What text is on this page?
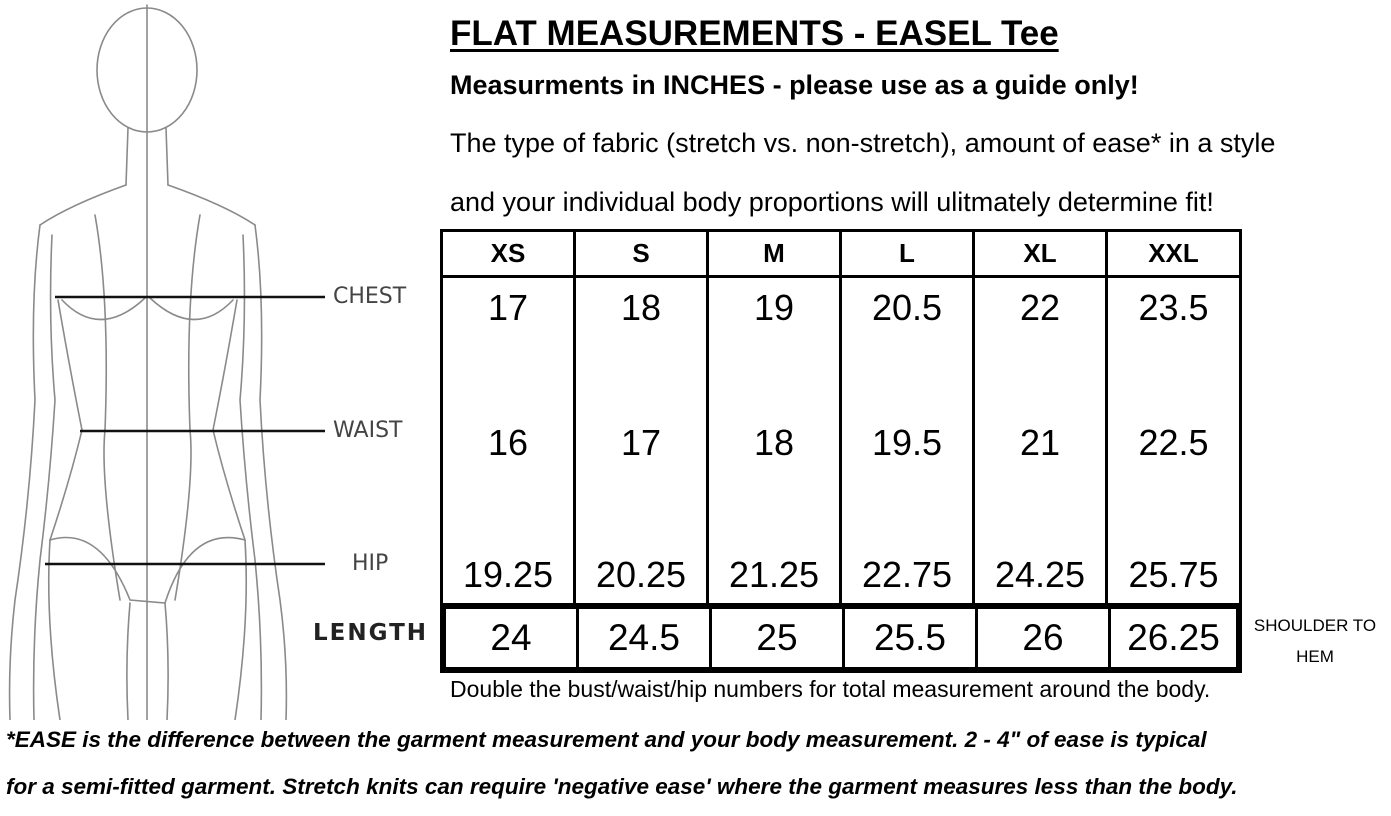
CHEST
WAIST
HIP
LENGTH
FLAT MEASUREMENTS - EASEL Tee
Measurments in INCHES - please use as a guide only!
The type of fabric (stretch vs. non-stretch), amount of ease* in a style
and your individual body proportions will ulitmately determine fit!
XS	S	M	L	XL	XXL
17	18	19	20.5	22	23.5
16	17	18	19.5	21	22.5
19.25	20.25	21.25	22.75	24.25	25.75
24	24.5	25	25.5	26	26.25	SHOULDER TO
HEM
Double the bust/waist/hip numbers for total measurement around the body.
*EASE is the difference between the garment measurement and your body measurement. 2 - 4" of ease is typical
for a semi-fitted garment. Stretch knits can require 'negative ease' where the garment measures less than the body.
